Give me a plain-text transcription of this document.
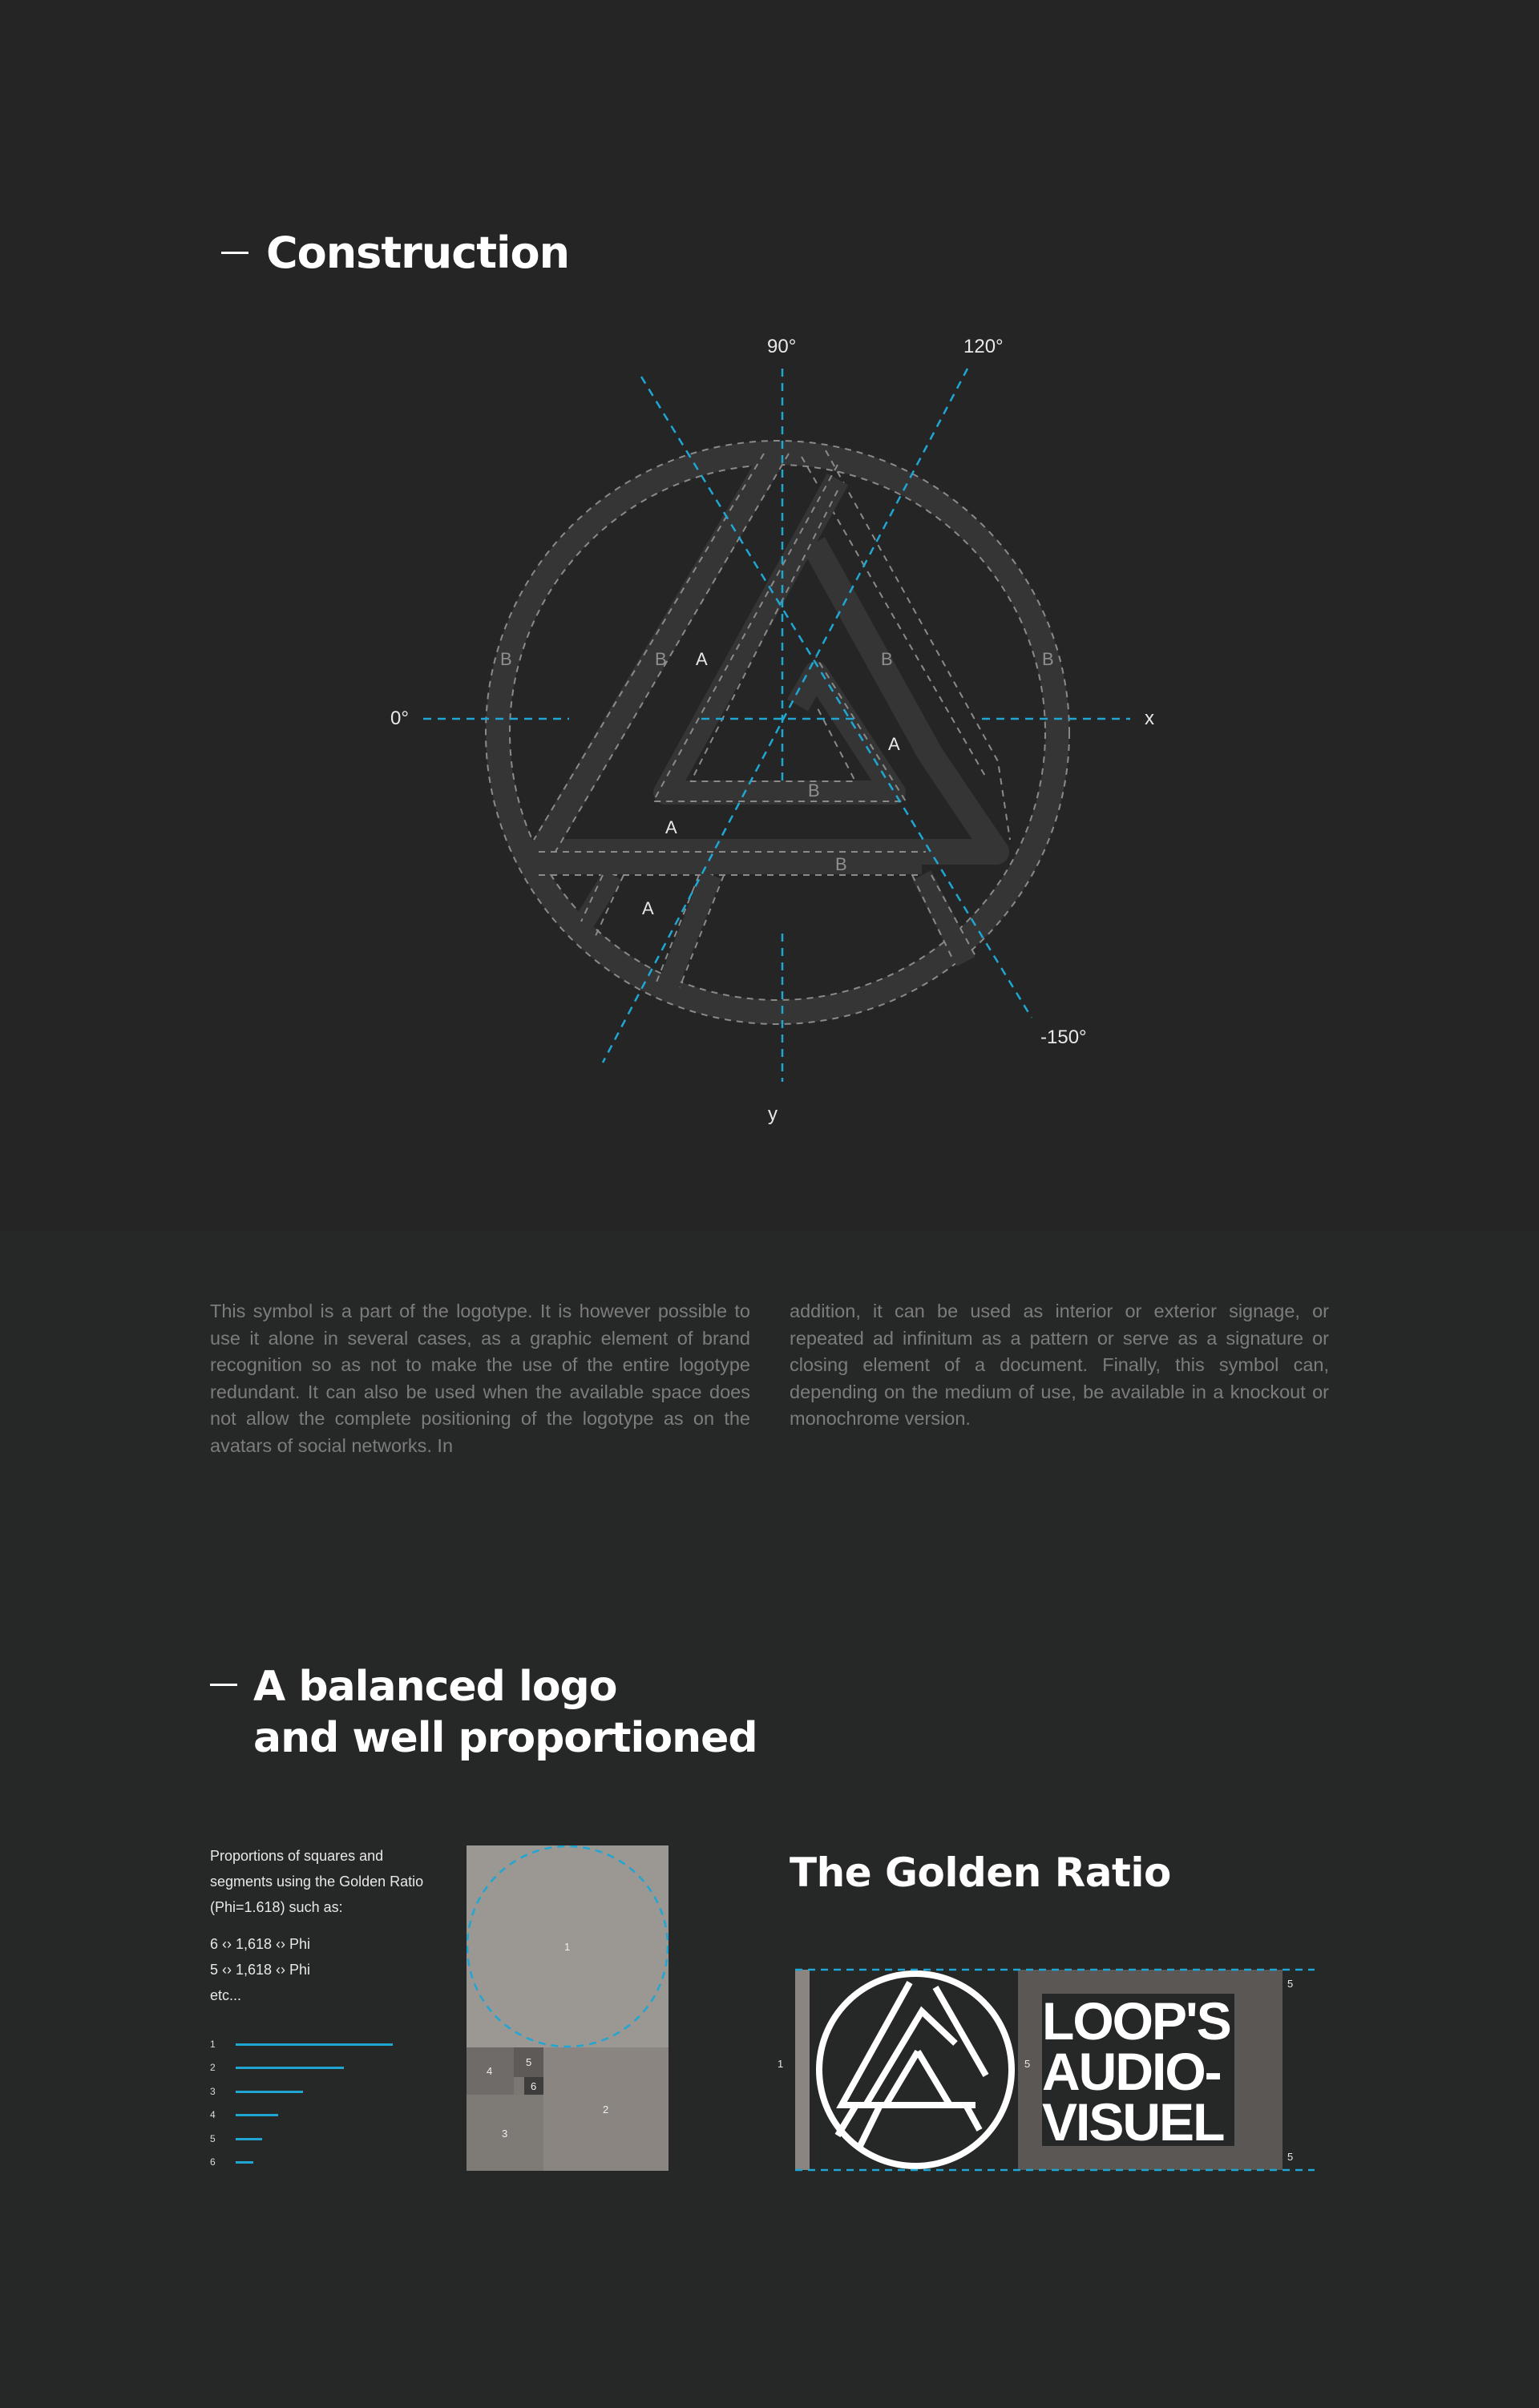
Construction
90°	120°
0°	x
-150°
y
B	B A	B	B
A
B
A
B
A
This symbol is a part of the logotype. It is however possible to use it alone in several cases, as a graphic element of brand recognition so as not to make the use of the entire logotype redundant. It can also be used when the available space does not allow the complete positioning of the logotype as on the avatars of social networks. In
addition, it can be used as interior or exterior signage, or repeated ad infinitum as a pattern or serve as a signature or closing element of a document. Finally, this symbol can, depending on the medium of use, be available in a knockout or monochrome version.
A balanced logo
and well proportioned
Proportions of squares and segments using the Golden Ratio (Phi=1.618) such as:
6 ‹› 1,618 ‹› Phi
5 ‹› 1,618 ‹› Phi
etc...
1
2
3
4
5
6
1
2
3
4
5
6
The Golden Ratio
LOOP'S
AUDIO-
VISUEL
1	5
5
5
